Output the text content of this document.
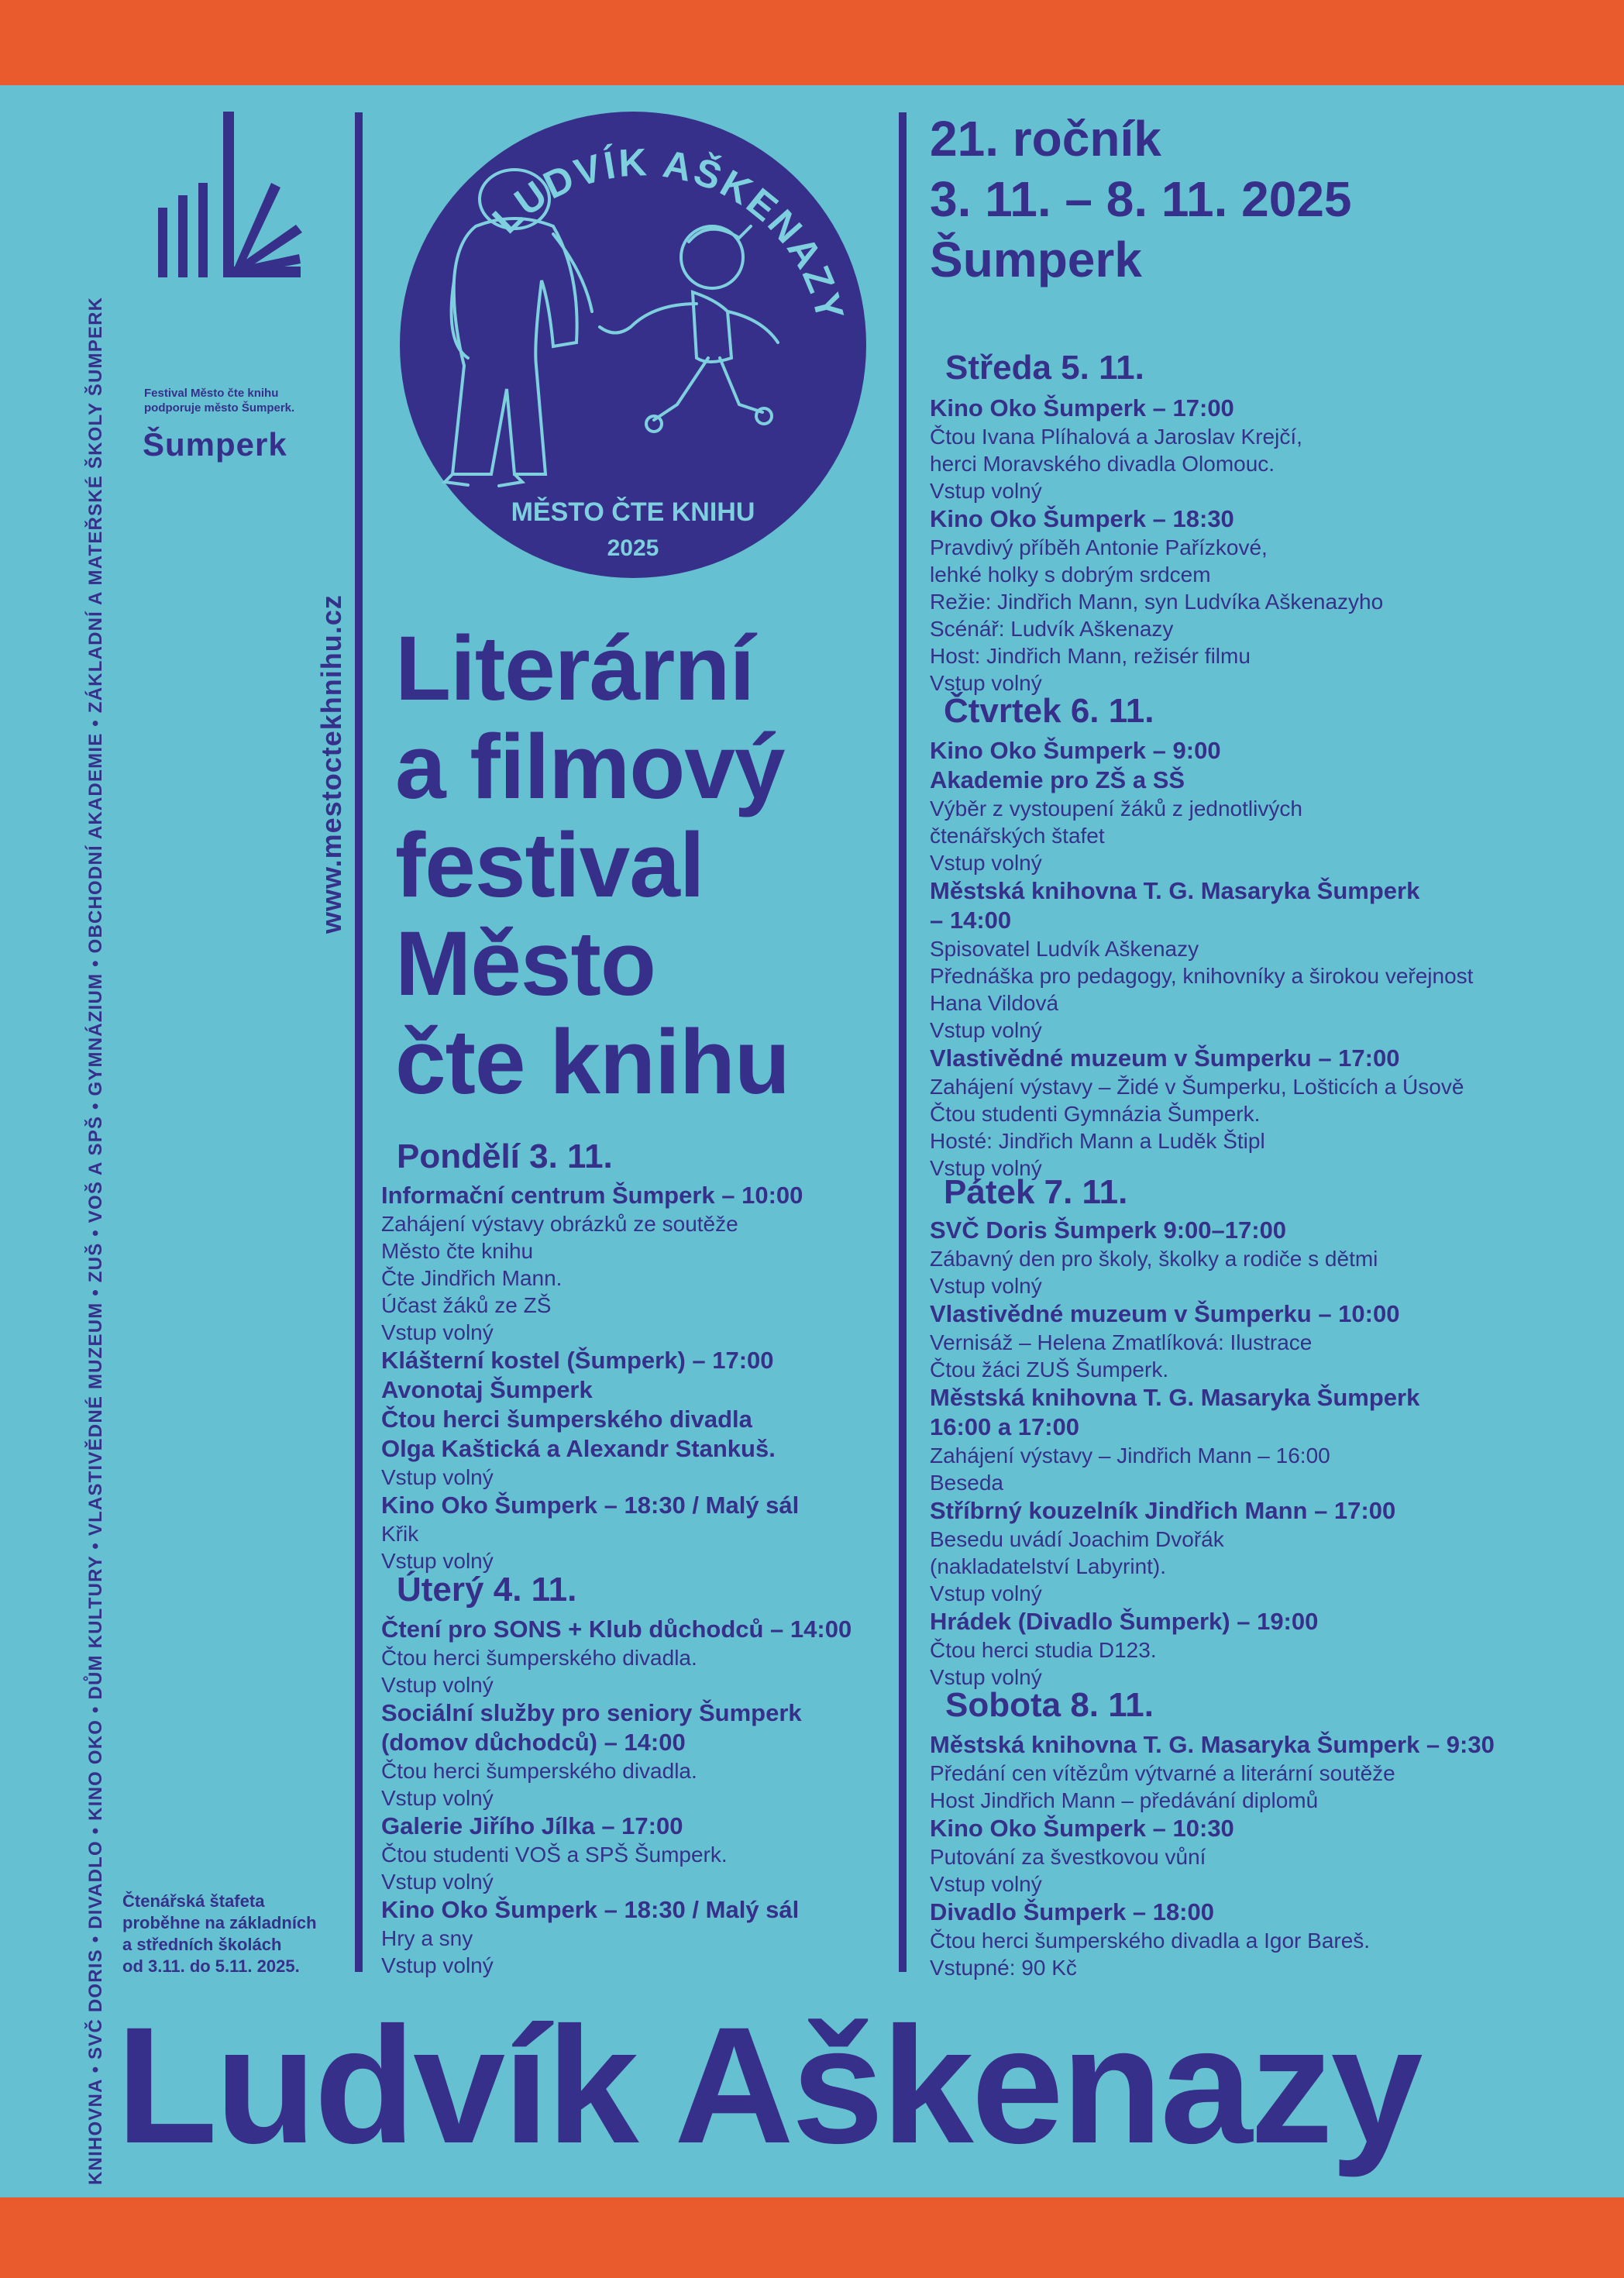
KNIHOVNA • SVČ DORIS • DIVADLO • KINO OKO • DŮM KULTURY • VLASTIVĚDNÉ MUZEUM • ZUŠ • VOŠ A SPŠ • GYMNÁZIUM • OBCHODNÍ AKADEMIE • ZÁKLADNÍ A MATEŘSKÉ ŠKOLY ŠUMPERK	Festival Město čte knihu
podporuje město Šumperk.
Šumperk
Čtenářská štafeta
proběhne na základních
a středních školách
od 3.11. do 5.11. 2025.
www.mestoctekhnihu.cz
LUDVÍK AŠKENAZY
MĚSTO ČTE KNIHU
2025
Literární
a filmový
festival
Město
čte knihu
21. ročník
3. 11. – 8. 11. 2025
Šumperk
Pondělí 3. 11.
Informační centrum Šumperk – 10:00
Zahájení výstavy obrázků ze soutěže
Město čte knihu
Čte Jindřich Mann.
Účast žáků ze ZŠ
Vstup volný
Klášterní kostel (Šumperk) – 17:00
Avonotaj Šumperk
Čtou herci šumperského divadla
Olga Kaštická a Alexandr Stankuš.
Vstup volný
Kino Oko Šumperk – 18:30 / Malý sál
Křik
Vstup volný
Úterý 4. 11.
Čtení pro SONS + Klub důchodců – 14:00
Čtou herci šumperského divadla.
Vstup volný
Sociální služby pro seniory Šumperk
(domov důchodců) – 14:00
Čtou herci šumperského divadla.
Vstup volný
Galerie Jiřího Jílka – 17:00
Čtou studenti VOŠ a SPŠ Šumperk.
Vstup volný
Kino Oko Šumperk – 18:30 / Malý sál
Hry a sny
Vstup volný
Středa 5. 11.
Kino Oko Šumperk – 17:00
Čtou Ivana Plíhalová a Jaroslav Krejčí,
herci Moravského divadla Olomouc.
Vstup volný
Kino Oko Šumperk – 18:30
Pravdivý příběh Antonie Pařízkové,
lehké holky s dobrým srdcem
Režie: Jindřich Mann, syn Ludvíka Aškenazyho
Scénář: Ludvík Aškenazy
Host: Jindřich Mann, režisér filmu
Vstup volný
Čtvrtek 6. 11.
Kino Oko Šumperk – 9:00
Akademie pro ZŠ a SŠ
Výběr z vystoupení žáků z jednotlivých
čtenářských štafet
Vstup volný
Městská knihovna T. G. Masaryka Šumperk
– 14:00
Spisovatel Ludvík Aškenazy
Přednáška pro pedagogy, knihovníky a širokou veřejnost
Hana Vildová
Vstup volný
Vlastivědné muzeum v Šumperku – 17:00
Zahájení výstavy – Židé v Šumperku, Lošticích a Úsově
Čtou studenti Gymnázia Šumperk.
Hosté: Jindřich Mann a Luděk Štipl
Vstup volný
Pátek 7. 11.
SVČ Doris Šumperk 9:00–17:00
Zábavný den pro školy, školky a rodiče s dětmi
Vstup volný
Vlastivědné muzeum v Šumperku – 10:00
Vernisáž – Helena Zmatlíková: Ilustrace
Čtou žáci ZUŠ Šumperk.
Městská knihovna T. G. Masaryka Šumperk
16:00 a 17:00
Zahájení výstavy – Jindřich Mann – 16:00
Beseda
Stříbrný kouzelník Jindřich Mann – 17:00
Besedu uvádí Joachim Dvořák
(nakladatelství Labyrint).
Vstup volný
Hrádek (Divadlo Šumperk) – 19:00
Čtou herci studia D123.
Vstup volný
Sobota 8. 11.
Městská knihovna T. G. Masaryka Šumperk – 9:30
Předání cen vítězům výtvarné a literární soutěže
Host Jindřich Mann – předávání diplomů
Kino Oko Šumperk – 10:30
Putování za švestkovou vůní
Vstup volný
Divadlo Šumperk – 18:00
Čtou herci šumperského divadla a Igor Bareš.
Vstupné: 90 Kč
Ludvík Aškenazy
